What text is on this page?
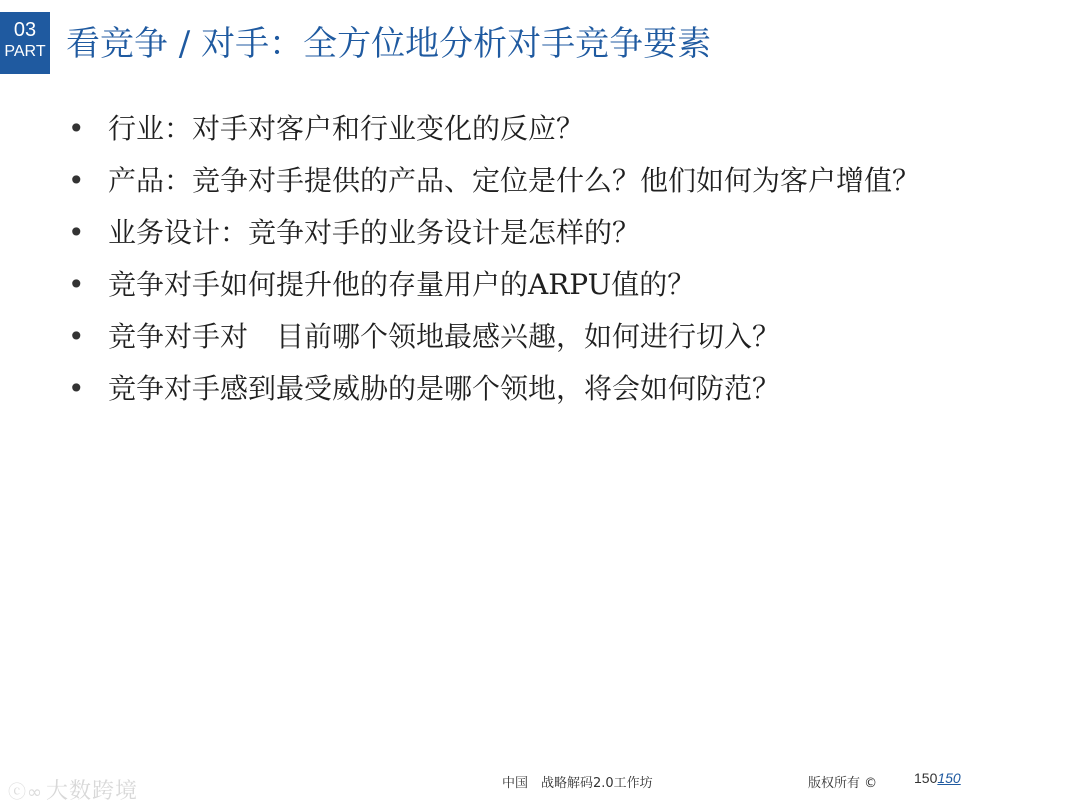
03
PART 看竞争 / 对手：全方位地分析对手竞争要素
• 行业：对手对客户和行业变化的反应？
• 产品：竞争对手提供的产品、定位是什么？他们如何为客户增值？
• 业务设计：竞争对手的业务设计是怎样的？
• 竞争对手如何提升他的存量用户的ARPU值的？
• 竞争对手对　目前哪个领地最感兴趣，如何进行切入？
• 竞争对手感到最受威胁的是哪个领地，将会如何防范？
ⓒ∞ 大数跨境	中国　战略解码2.0工作坊	版权所有 ©	150150
